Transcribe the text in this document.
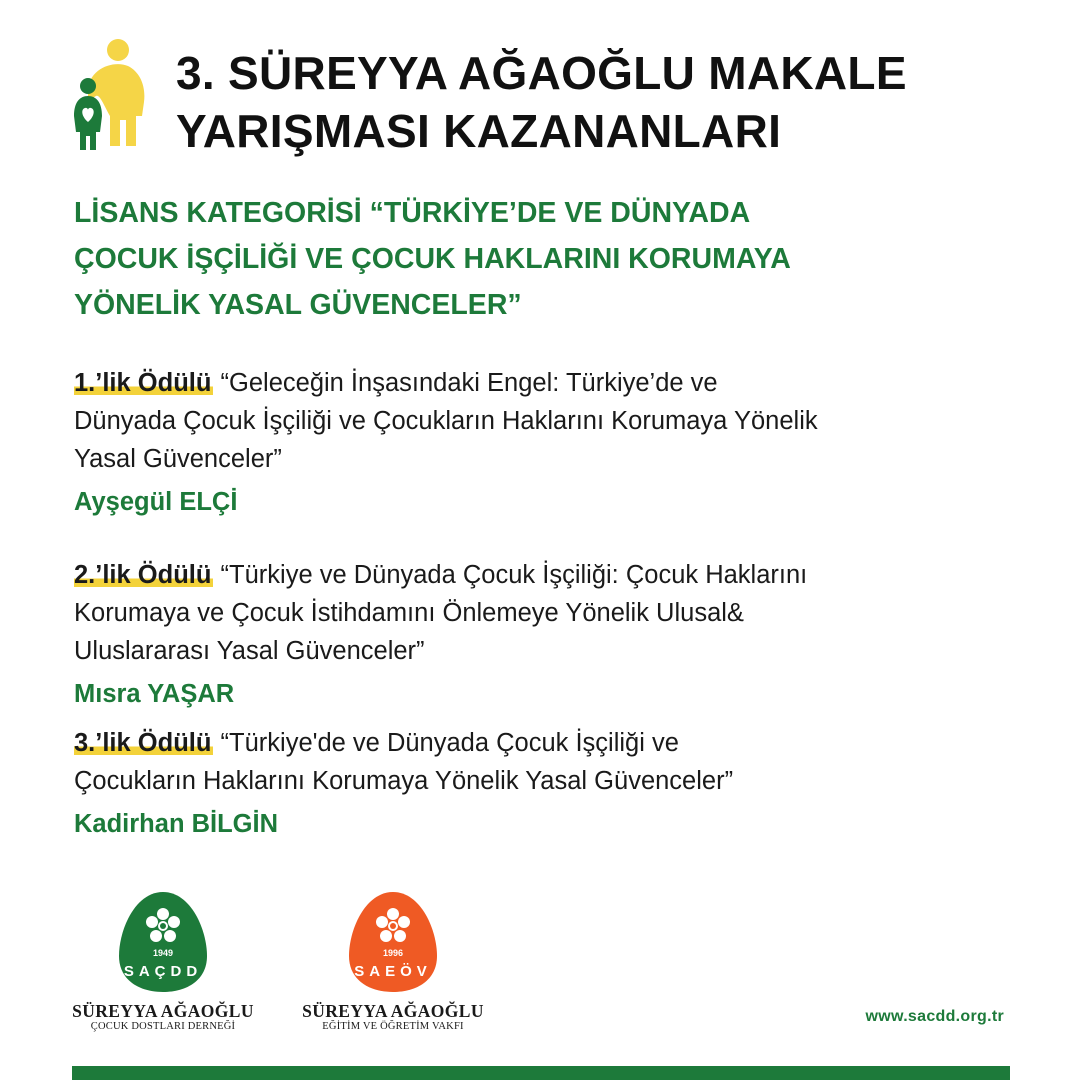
3. SÜREYYA AĞAOĞLU MAKALE
YARIŞMASI KAZANANLARI
LİSANS KATEGORİSİ “TÜRKİYE’DE VE DÜNYADA
ÇOCUK İŞÇİLİĞİ VE ÇOCUK HAKLARINI KORUMAYA
YÖNELİK YASAL GÜVENCELER”
1.’lik Ödülü “Geleceğin İnşasındaki Engel: Türkiye’de ve
Dünyada Çocuk İşçiliği ve Çocukların Haklarını Korumaya Yönelik
Yasal Güvenceler”
Ayşegül ELÇİ
2.’lik Ödülü “Türkiye ve Dünyada Çocuk İşçiliği: Çocuk Haklarını
Korumaya ve Çocuk İstihdamını Önlemeye Yönelik Ulusal&
Uluslararası Yasal Güvenceler”
Mısra YAŞAR
3.’lik Ödülü “Türkiye'de ve Dünyada Çocuk İşçiliği ve
Çocukların Haklarını Korumaya Yönelik Yasal Güvenceler”
Kadirhan BİLGİN
1949
SAÇDD
SÜREYYA AĞAOĞLU
ÇOCUK DOSTLARI DERNEĞİ
1996
SAEÖV
SÜREYYA AĞAOĞLU
EĞİTİM VE ÖĞRETİM VAKFI
www.sacdd.org.tr
